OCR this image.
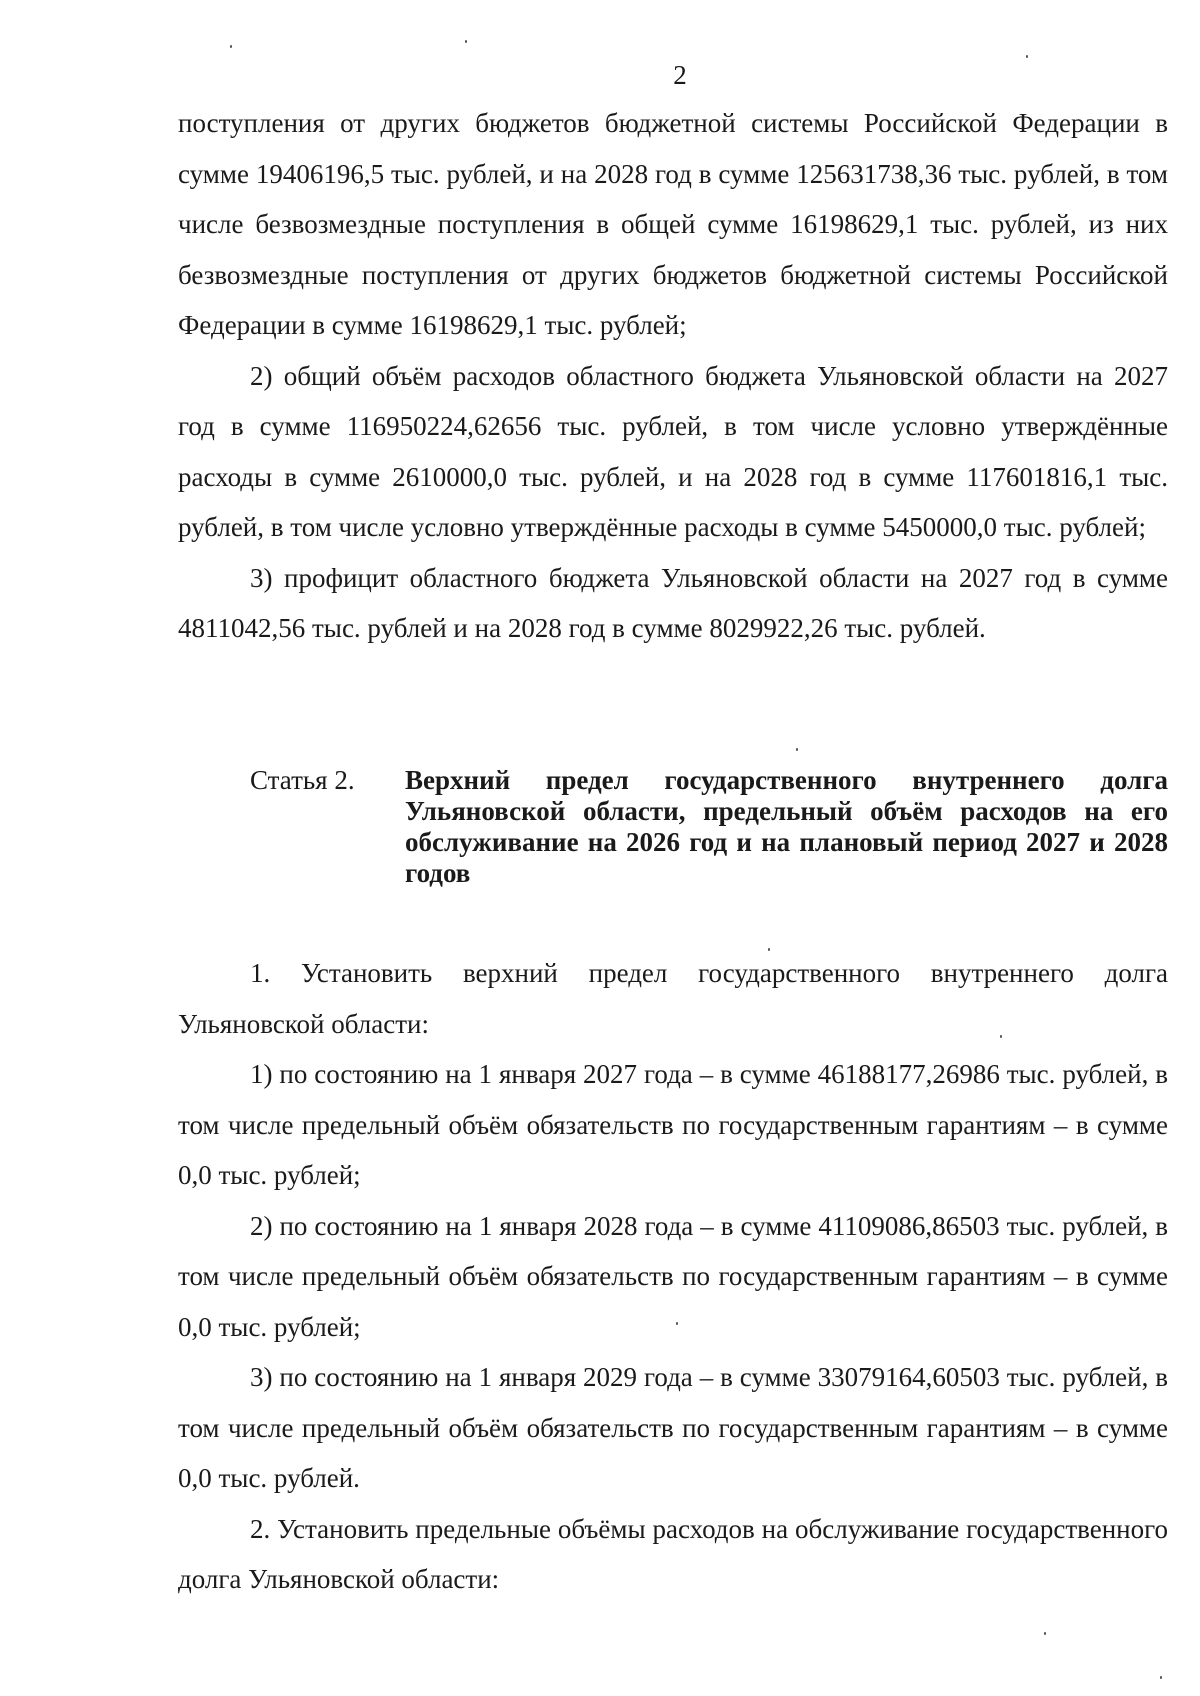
2

поступления от других бюджетов бюджетной системы Российской Федерации в сумме 19406196,5 тыс. рублей, и на 2028 год в сумме 125631738,36 тыс. рублей, в том числе безвозмездные поступления в общей сумме 16198629,1 тыс. рублей, из них безвозмездные поступления от других бюджетов бюджетной системы Российской Федерации в сумме 16198629,1 тыс. рублей;

2) общий объём расходов областного бюджета Ульяновской области на 2027 год в сумме 116950224,62656 тыс. рублей, в том числе условно утверждённые расходы в сумме 2610000,0 тыс. рублей, и на 2028 год в сумме 117601816,1 тыс. рублей, в том числе условно утверждённые расходы в сумме 5450000,0 тыс. рублей;

3) профицит областного бюджета Ульяновской области на 2027 год в сумме 4811042,56 тыс. рублей и на 2028 год в сумме 8029922,26 тыс. рублей.

Статья 2. Верхний предел государственного внутреннего долга Ульяновской области, предельный объём расходов на его обслуживание на 2026 год и на плановый период 2027 и 2028 годов

1. Установить верхний предел государственного внутреннего долга Ульяновской области:

1) по состоянию на 1 января 2027 года – в сумме 46188177,26986 тыс. рублей, в том числе предельный объём обязательств по государственным гарантиям – в сумме 0,0 тыс. рублей;

2) по состоянию на 1 января 2028 года – в сумме 41109086,86503 тыс. рублей, в том числе предельный объём обязательств по государственным гарантиям – в сумме 0,0 тыс. рублей;

3) по состоянию на 1 января 2029 года – в сумме 33079164,60503 тыс. рублей, в том числе предельный объём обязательств по государственным гарантиям – в сумме 0,0 тыс. рублей.

2. Установить предельные объёмы расходов на обслуживание государственного долга Ульяновской области:
